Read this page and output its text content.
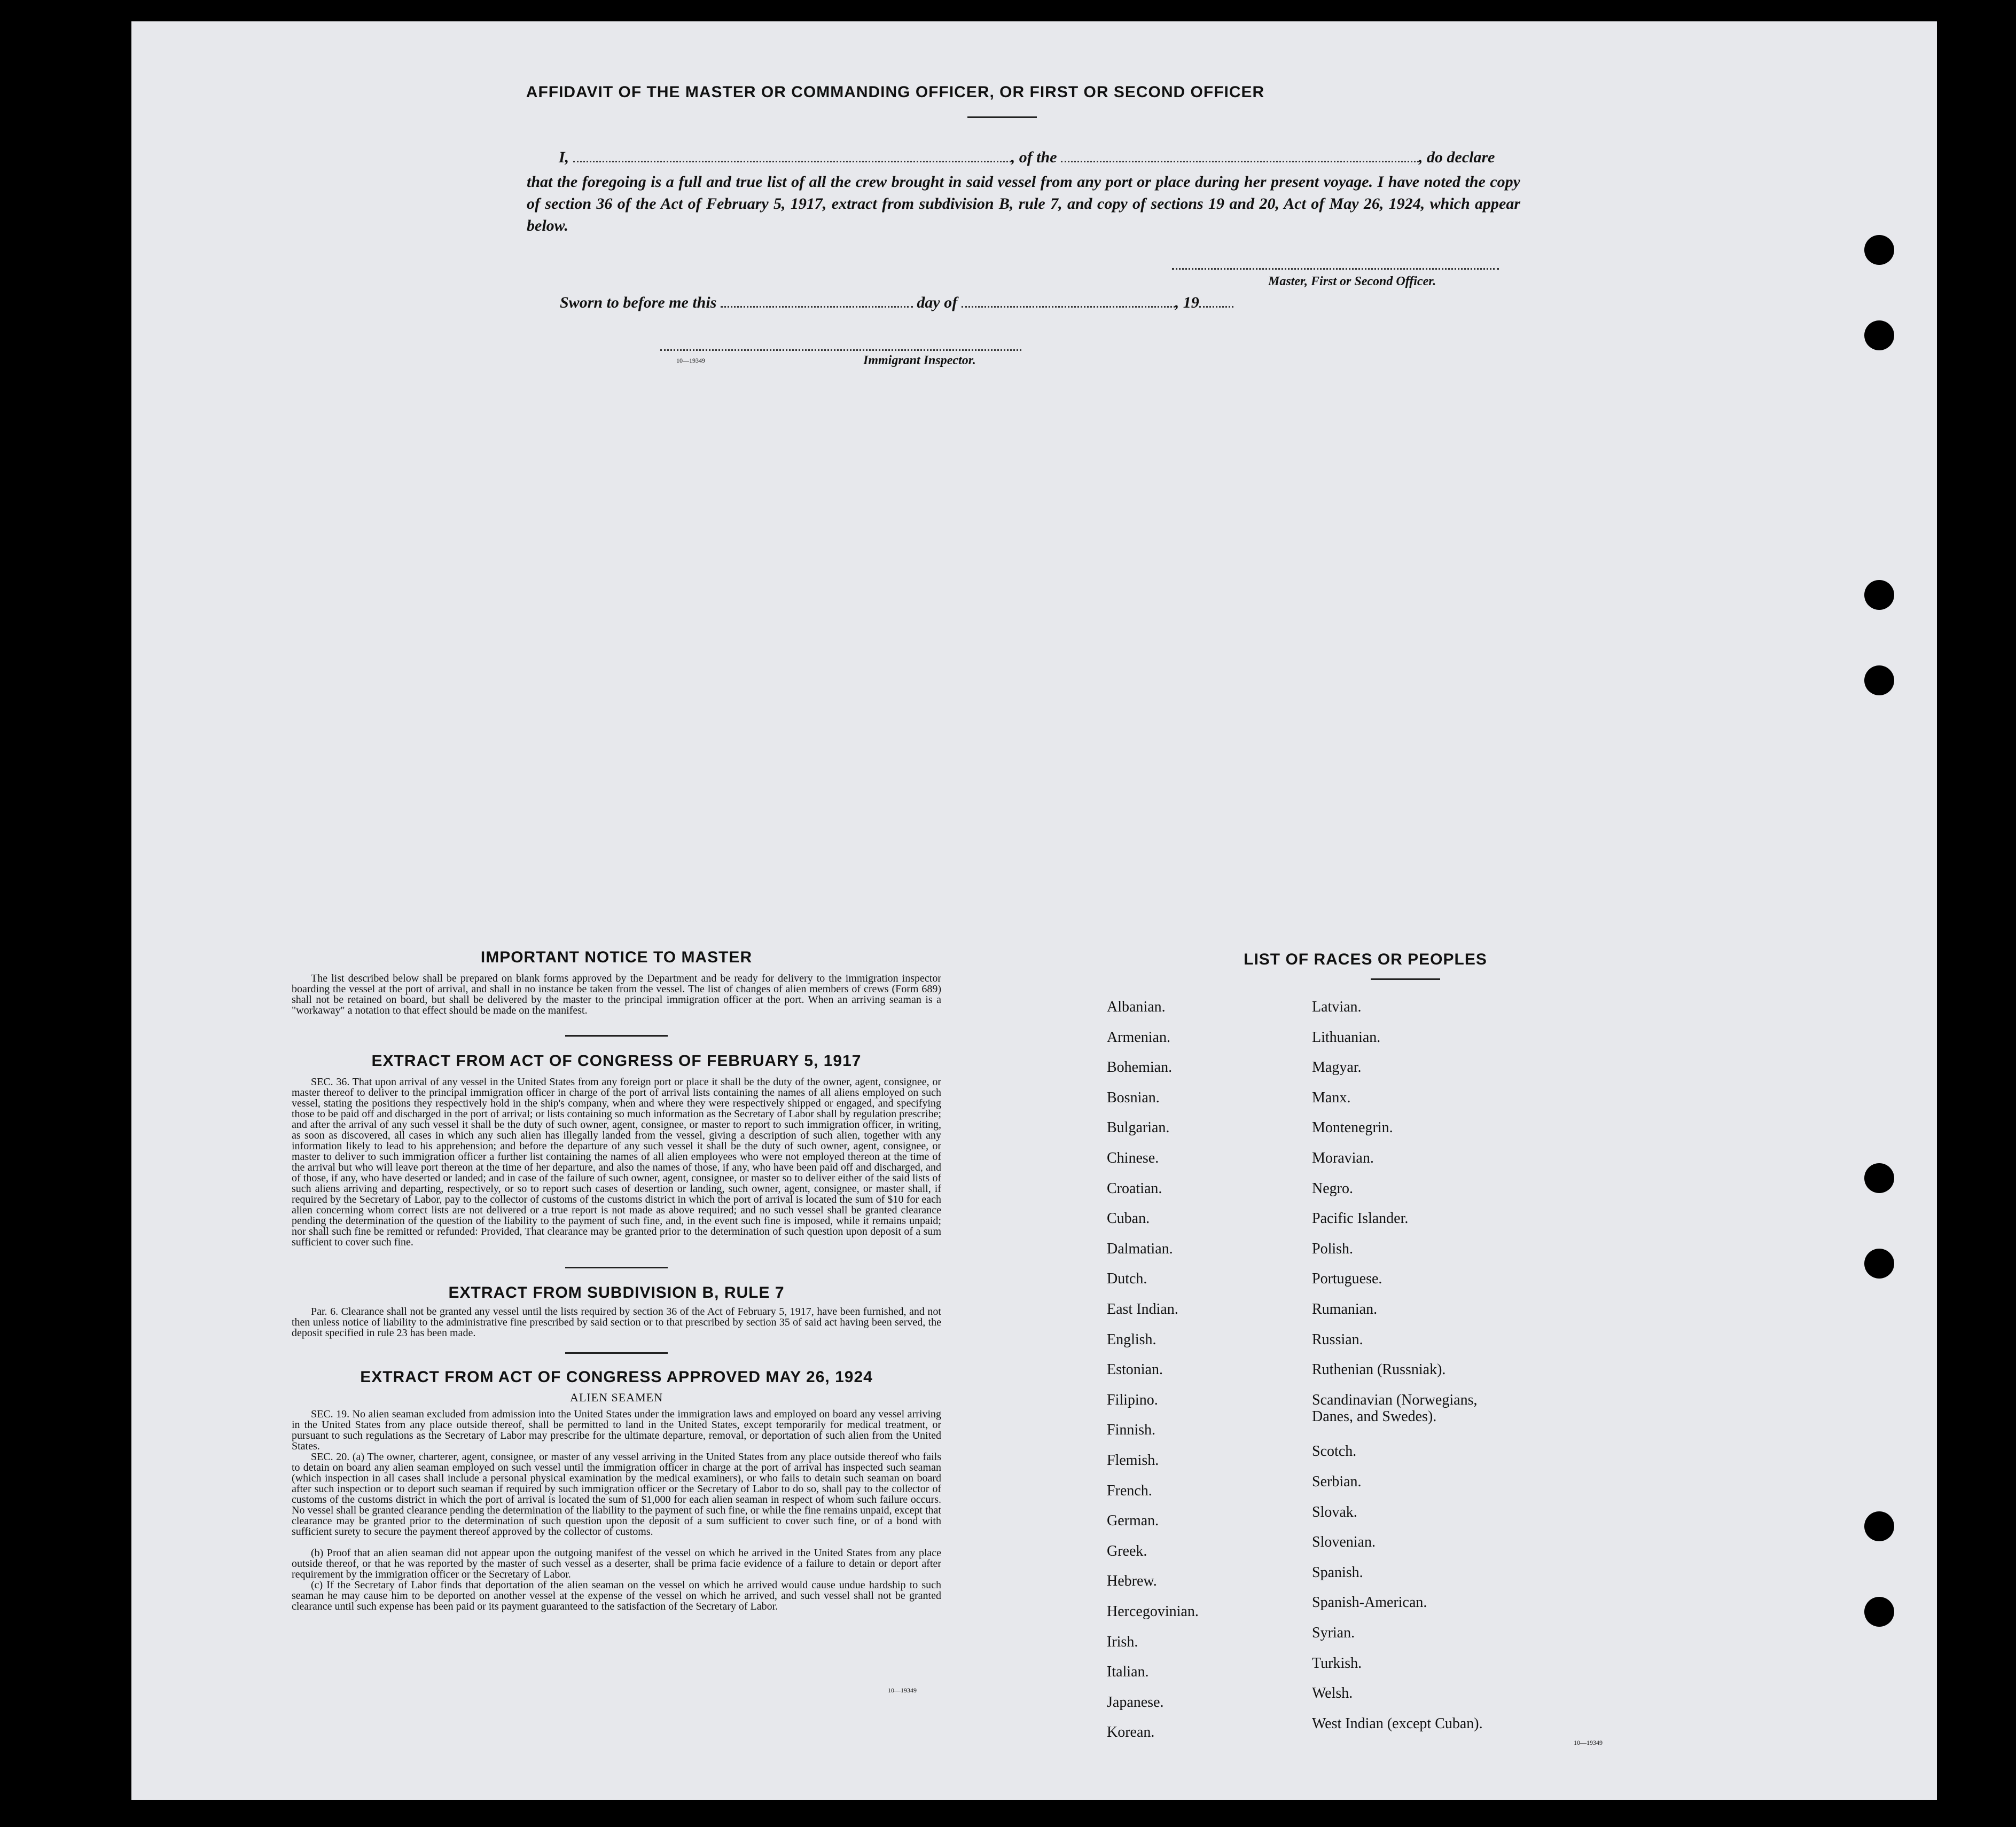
AFFIDAVIT OF THE MASTER OR COMMANDING OFFICER, OR FIRST OR SECOND OFFICER
I,	, of the	, do declare
that the foregoing is a full and true list of all the crew brought in said vessel from any port or place during her present voyage. I have noted the copy of section 36 of the Act of February 5, 1917, extract from subdivision B, rule 7, and copy of sections 19 and 20, Act of May 26, 1924, which appear below.
Master, First or Second Officer.
Sworn to before me this	day of	, 19
10—19349	Immigrant Inspector.
IMPORTANT NOTICE TO MASTER
The list described below shall be prepared on blank forms approved by the Department and be ready for delivery to the immigration inspector boarding the vessel at the port of arrival, and shall in no instance be taken from the vessel. The list of changes of alien members of crews (Form 689) shall not be retained on board, but shall be delivered by the master to the principal immigration officer at the port. When an arriving seaman is a "workaway" a notation to that effect should be made on the manifest.
EXTRACT FROM ACT OF CONGRESS OF FEBRUARY 5, 1917
SEC. 36. That upon arrival of any vessel in the United States from any foreign port or place it shall be the duty of the owner, agent, consignee, or master thereof to deliver to the principal immigration officer in charge of the port of arrival lists containing the names of all aliens employed on such vessel, stating the positions they respectively hold in the ship's company, when and where they were respectively shipped or engaged, and specifying those to be paid off and discharged in the port of arrival; or lists containing so much information as the Secretary of Labor shall by regulation prescribe; and after the arrival of any such vessel it shall be the duty of such owner, agent, consignee, or master to report to such immigration officer, in writing, as soon as discovered, all cases in which any such alien has illegally landed from the vessel, giving a description of such alien, together with any information likely to lead to his apprehension; and before the departure of any such vessel it shall be the duty of such owner, agent, consignee, or master to deliver to such immigration officer a further list containing the names of all alien employees who were not employed thereon at the time of the arrival but who will leave port thereon at the time of her departure, and also the names of those, if any, who have been paid off and discharged, and of those, if any, who have deserted or landed; and in case of the failure of such owner, agent, consignee, or master so to deliver either of the said lists of such aliens arriving and departing, respectively, or so to report such cases of desertion or landing, such owner, agent, consignee, or master shall, if required by the Secretary of Labor, pay to the collector of customs of the customs district in which the port of arrival is located the sum of $10 for each alien concerning whom correct lists are not delivered or a true report is not made as above required; and no such vessel shall be granted clearance pending the determination of the question of the liability to the payment of such fine, and, in the event such fine is imposed, while it remains unpaid; nor shall such fine be remitted or refunded: Provided, That clearance may be granted prior to the determination of such question upon deposit of a sum sufficient to cover such fine.
EXTRACT FROM SUBDIVISION B, RULE 7
Par. 6. Clearance shall not be granted any vessel until the lists required by section 36 of the Act of February 5, 1917, have been furnished, and not then unless notice of liability to the administrative fine prescribed by said section or to that prescribed by section 35 of said act having been served, the deposit specified in rule 23 has been made.
EXTRACT FROM ACT OF CONGRESS APPROVED MAY 26, 1924
ALIEN SEAMEN
SEC. 19. No alien seaman excluded from admission into the United States under the immigration laws and employed on board any vessel arriving in the United States from any place outside thereof, shall be permitted to land in the United States, except temporarily for medical treatment, or pursuant to such regulations as the Secretary of Labor may prescribe for the ultimate departure, removal, or deportation of such alien from the United States.
SEC. 20. (a) The owner, charterer, agent, consignee, or master of any vessel arriving in the United States from any place outside thereof who fails to detain on board any alien seaman employed on such vessel until the immigration officer in charge at the port of arrival has inspected such seaman (which inspection in all cases shall include a personal physical examination by the medical examiners), or who fails to detain such seaman on board after such inspection or to deport such seaman if required by such immigration officer or the Secretary of Labor to do so, shall pay to the collector of customs of the customs district in which the port of arrival is located the sum of $1,000 for each alien seaman in respect of whom such failure occurs. No vessel shall be granted clearance pending the determination of the liability to the payment of such fine, or while the fine remains unpaid, except that clearance may be granted prior to the determination of such question upon the deposit of a sum sufficient to cover such fine, or of a bond with sufficient surety to secure the payment thereof approved by the collector of customs.
(b) Proof that an alien seaman did not appear upon the outgoing manifest of the vessel on which he arrived in the United States from any place outside thereof, or that he was reported by the master of such vessel as a deserter, shall be prima facie evidence of a failure to detain or deport after requirement by the immigration officer or the Secretary of Labor.
(c) If the Secretary of Labor finds that deportation of the alien seaman on the vessel on which he arrived would cause undue hardship to such seaman he may cause him to be deported on another vessel at the expense of the vessel on which he arrived, and such vessel shall not be granted clearance until such expense has been paid or its payment guaranteed to the satisfaction of the Secretary of Labor.
10—19349
LIST OF RACES OR PEOPLES
Albanian.
Armenian.
Bohemian.
Bosnian.
Bulgarian.
Chinese.
Croatian.
Cuban.
Dalmatian.
Dutch.
East Indian.
English.
Estonian.
Filipino.
Finnish.
Flemish.
French.
German.
Greek.
Hebrew.
Hercegovinian.
Irish.
Italian.
Japanese.
Korean.
Latvian.
Lithuanian.
Magyar.
Manx.
Montenegrin.
Moravian.
Negro.
Pacific Islander.
Polish.
Portuguese.
Rumanian.
Russian.
Ruthenian (Russniak).
Scandinavian (Norwegians,
Danes, and Swedes).
Scotch.
Serbian.
Slovak.
Slovenian.
Spanish.
Spanish-American.
Syrian.
Turkish.
Welsh.
West Indian (except Cuban).
10—19349
